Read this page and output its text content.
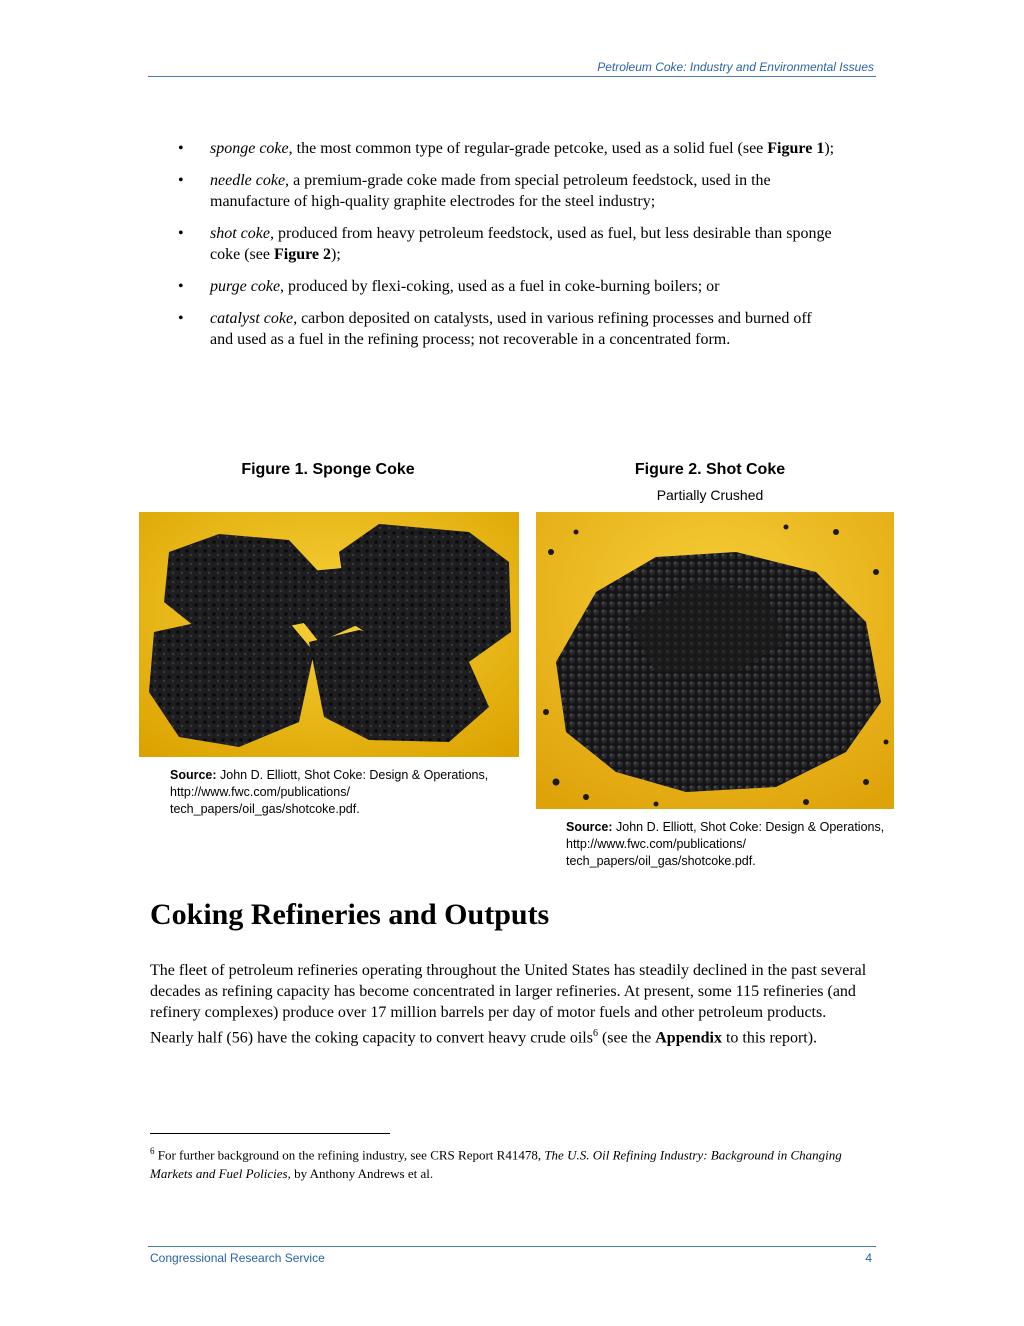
Petroleum Coke: Industry and Environmental Issues
• sponge coke, the most common type of regular-grade petcoke, used as a solid fuel (see Figure 1);
• needle coke, a premium-grade coke made from special petroleum feedstock, used in the manufacture of high-quality graphite electrodes for the steel industry;
• shot coke, produced from heavy petroleum feedstock, used as fuel, but less desirable than sponge coke (see Figure 2);
• purge coke, produced by flexi-coking, used as a fuel in coke-burning boilers; or
• catalyst coke, carbon deposited on catalysts, used in various refining processes and burned off and used as a fuel in the refining process; not recoverable in a concentrated form.
Figure 1. Sponge Coke
Source: John D. Elliott, Shot Coke: Design & Operations, http://www.fwc.com/publications/ tech_papers/oil_gas/shotcoke.pdf.
Figure 2. Shot Coke
Partially Crushed
Source: John D. Elliott, Shot Coke: Design & Operations, http://www.fwc.com/publications/ tech_papers/oil_gas/shotcoke.pdf.
Coking Refineries and Outputs

The fleet of petroleum refineries operating throughout the United States has steadily declined in the past several decades as refining capacity has become concentrated in larger refineries. At present, some 115 refineries (and refinery complexes) produce over 17 million barrels per day of motor fuels and other petroleum products. Nearly half (56) have the coking capacity to convert heavy crude oils$^6$ (see the Appendix to this report).

$^6$ For further background on the refining industry, see CRS Report R41478, The U.S. Oil Refining Industry: Background in Changing Markets and Fuel Policies, by Anthony Andrews et al.

Congressional Research Service	4
